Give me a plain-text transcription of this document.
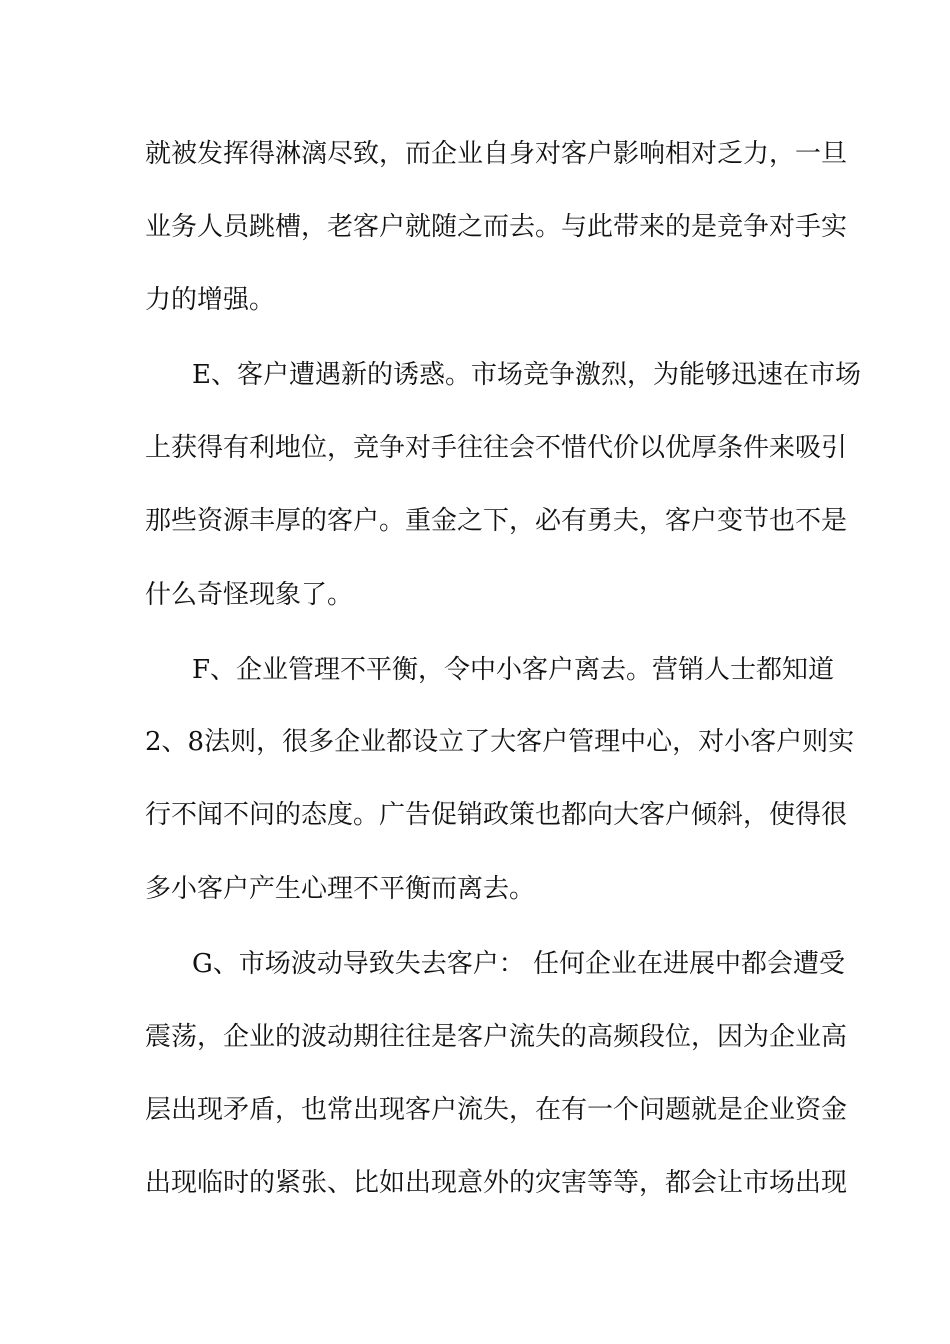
就被发挥得淋漓尽致，而企业自身对客户影响相对乏力，一旦
业务人员跳槽，老客户就随之而去。与此带来的是竞争对手实
力的增强。
E、客户遭遇新的诱惑。市场竞争激烈，为能够迅速在市场
上获得有利地位，竞争对手往往会不惜代价以优厚条件来吸引
那些资源丰厚的客户。重金之下，必有勇夫，客户变节也不是
什么奇怪现象了。
F、企业管理不平衡，令中小客户离去。营销人士都知道
2、8法则，很多企业都设立了大客户管理中心，对小客户则实
行不闻不问的态度。广告促销政策也都向大客户倾斜，使得很
多小客户产生心理不平衡而离去。
G、市场波动导致失去客户： 任何企业在进展中都会遭受
震荡，企业的波动期往往是客户流失的高频段位，因为企业高
层出现矛盾，也常出现客户流失，在有一个问题就是企业资金
出现临时的紧张、比如出现意外的灾害等等，都会让市场出现
